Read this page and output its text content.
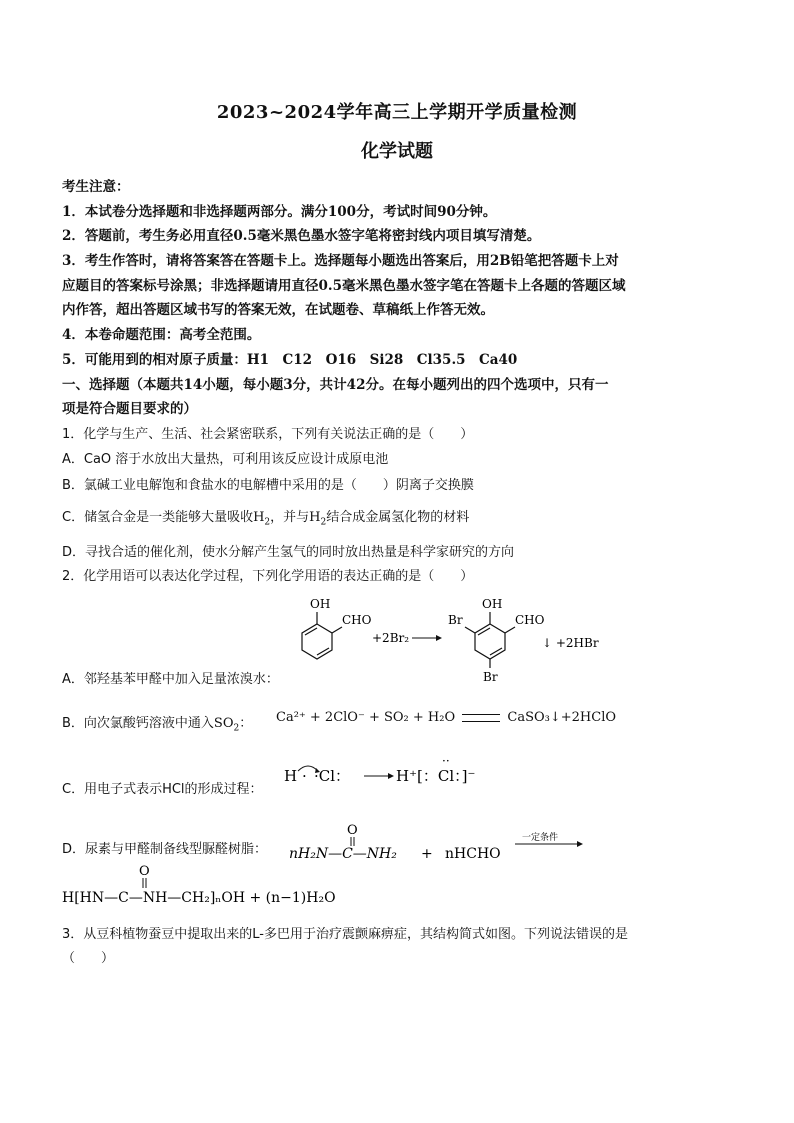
2023~2024学年高三上学期开学质量检测
化学试题
考生注意：
1．本试卷分选择题和非选择题两部分。满分100分，考试时间90分钟。
2．答题前，考生务必用直径0.5毫米黑色墨水签字笔将密封线内项目填写清楚。
3．考生作答时，请将答案答在答题卡上。选择题每小题选出答案后，用2B铅笔把答题卡上对
应题目的答案标号涂黑；非选择题请用直径0.5毫米黑色墨水签字笔在答题卡上各题的答题区域
内作答，超出答题区域书写的答案无效，在试题卷、草稿纸上作答无效。
4．本卷命题范围：高考全范围。
5．可能用到的相对原子质量：H1　C12　O16　Si28　Cl35.5　Ca40
一、选择题（本题共14小题，每小题3分，共计42分。在每小题列出的四个选项中，只有一
项是符合题目要求的）
1．化学与生产、生活、社会紧密联系，下列有关说法正确的是（　　）
A．CaO 溶于水放出大量热，可利用该反应设计成原电池
B．氯碱工业电解饱和食盐水的电解槽中采用的是（　　）阴离子交换膜
C．储氢合金是一类能够大量吸收$H_2$，并与$H_2$结合成金属氢化物的材料
D．寻找合适的催化剂，使水分解产生氢气的同时放出热量是科学家研究的方向
2．化学用语可以表达化学过程，下列化学用语的表达正确的是（　　）
OH
CHO
+2Br₂
OH
CHO
Br
Br
↓ +2HBr
A．邻羟基苯甲醛中加入足量浓溴水：
B．向次氯酸钙溶液中通入$SO_2$： Ca²⁺ + 2ClO⁻ + SO₂ + H₂O	CaSO₃↓+2HClO
C．用电子式表示HCl的形成过程：
H · ·Cl：	H⁺[：Cl：]⁻
··
O
nH₂N—C—NH₂ + nHCHO
一定条件
D．尿素与甲醛制备线型脲醛树脂：
O
H[HN—C—NH—CH₂]ₙOH + (n−1)H₂O
3．从豆科植物蚕豆中提取出来的L-多巴用于治疗震颤麻痹症，其结构简式如图。下列说法错误的是
（　　）
